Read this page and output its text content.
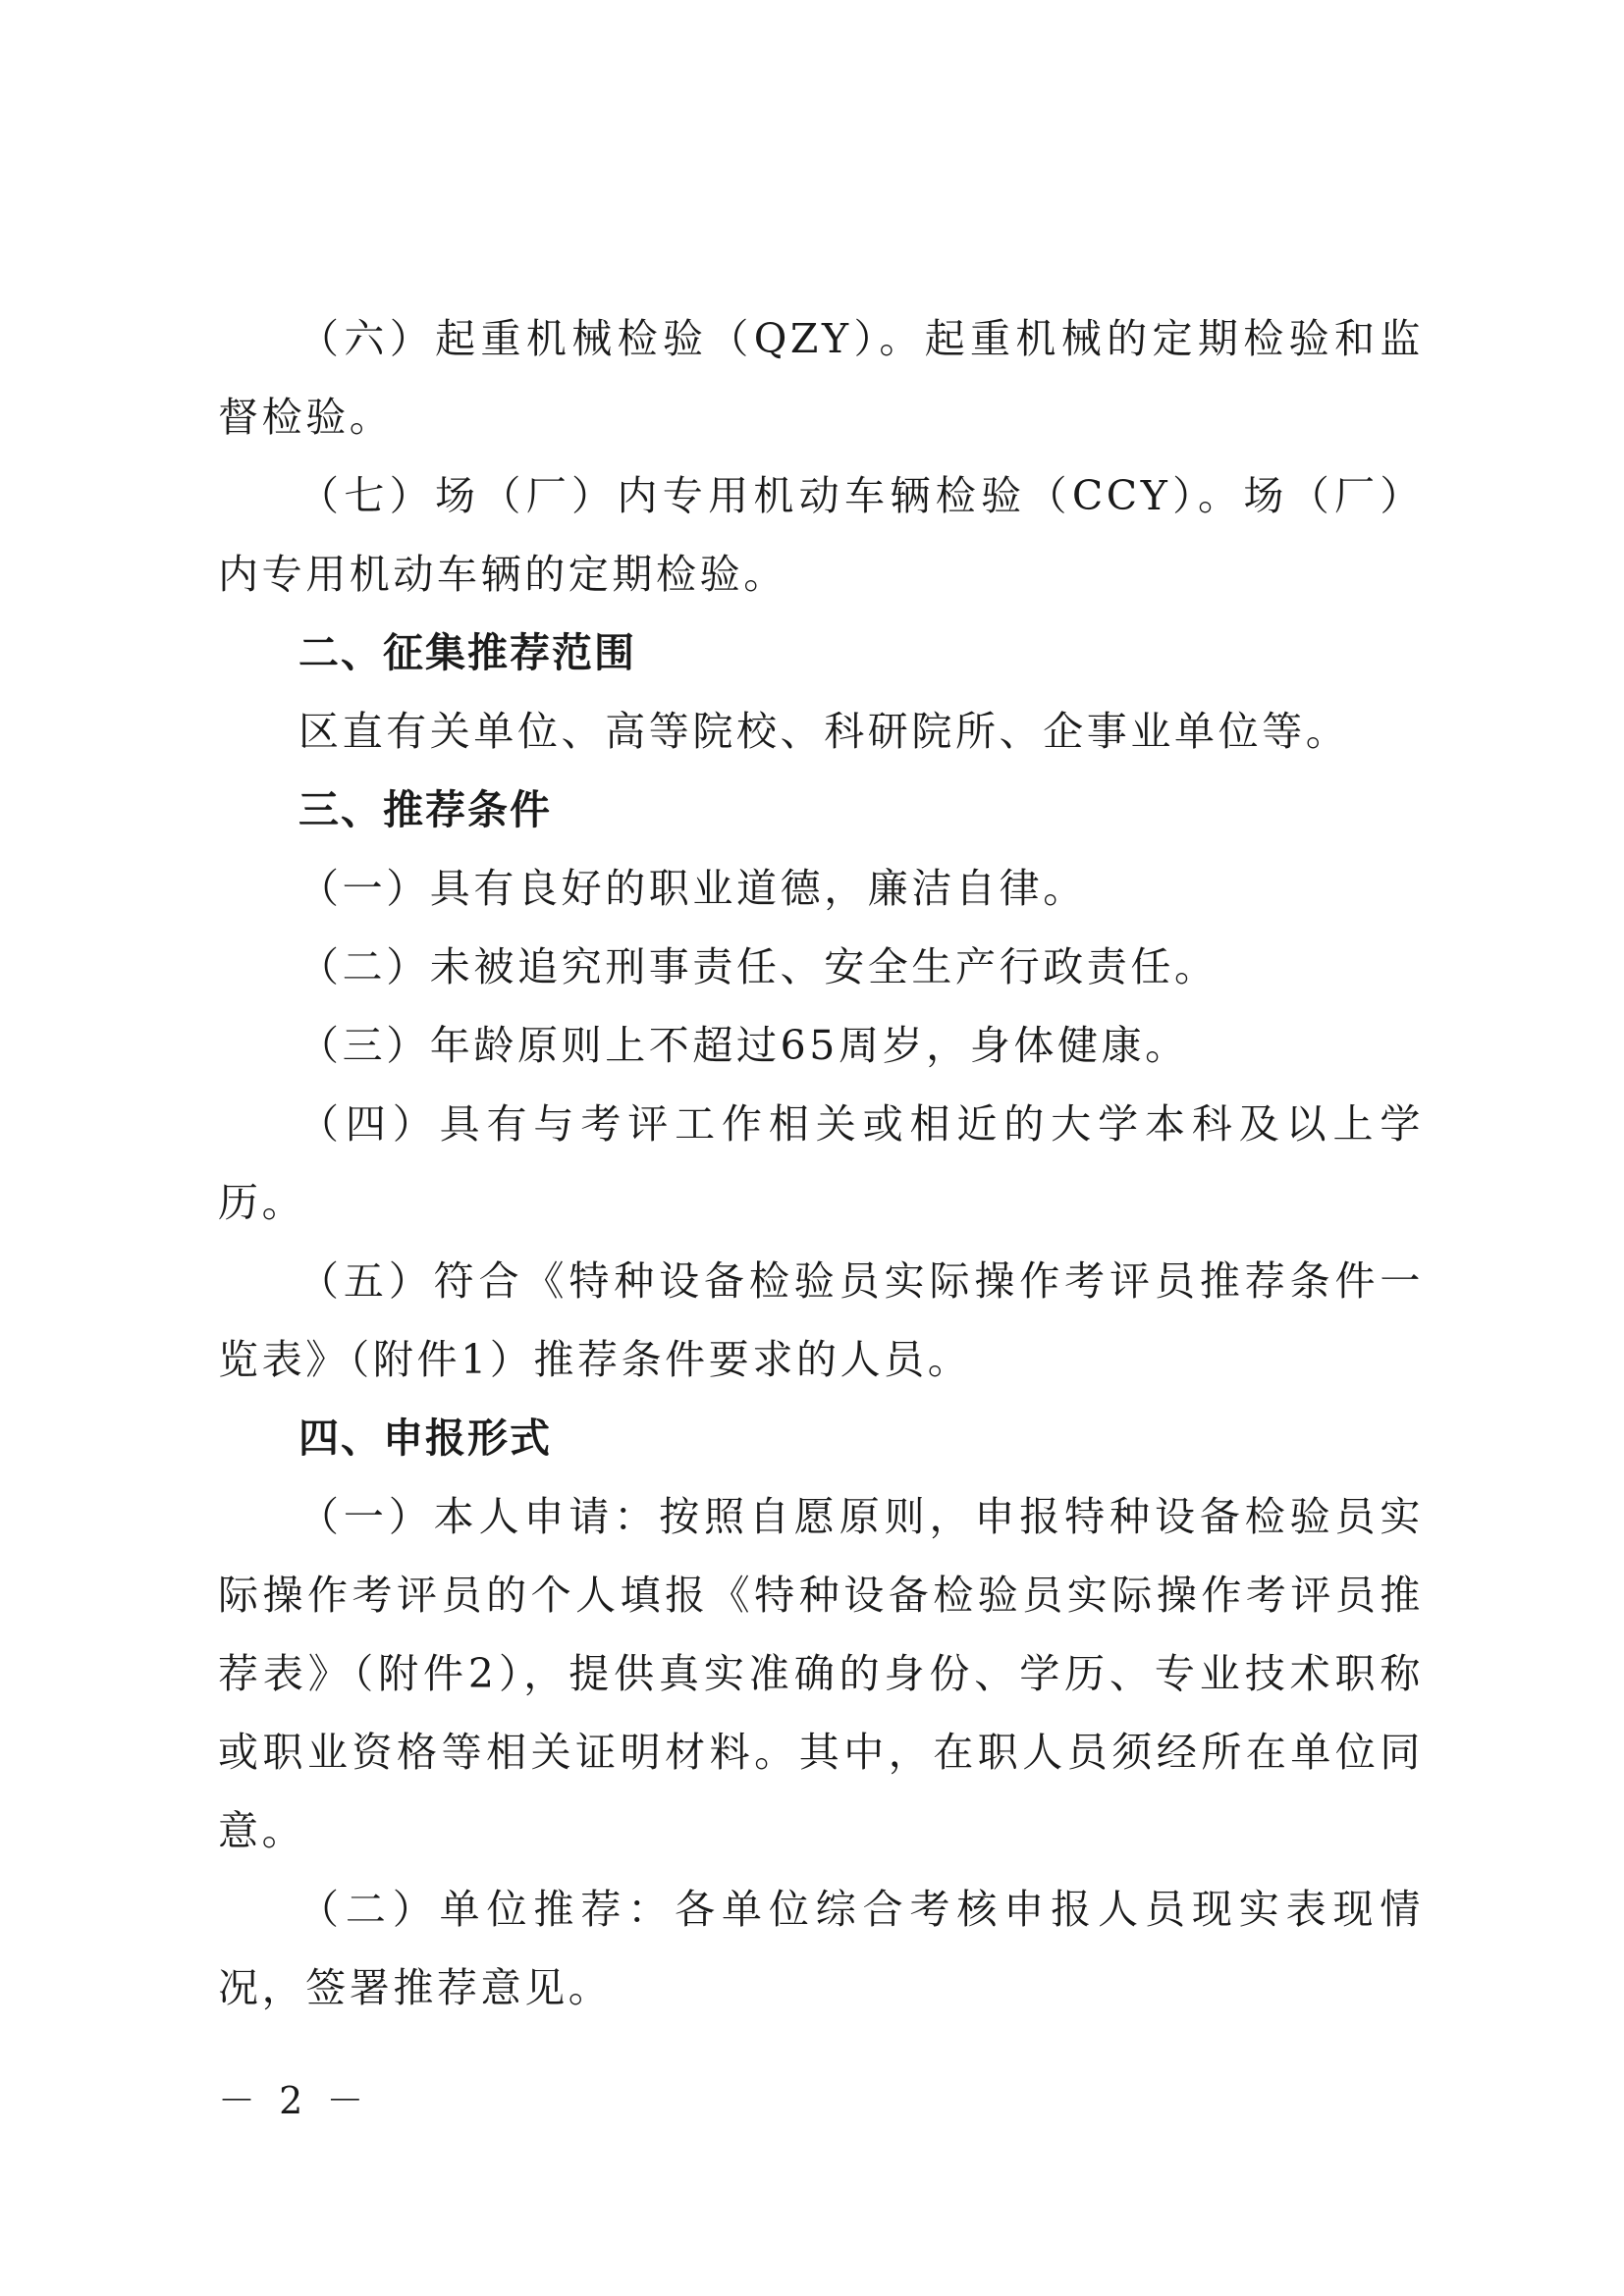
（六）起重机械检验（QZY）。起重机械的定期检验和监督检验。

（七）场（厂）内专用机动车辆检验（CCY）。场（厂）内专用机动车辆的定期检验。

二、征集推荐范围

区直有关单位、高等院校、科研院所、企事业单位等。

三、推荐条件

（一）具有良好的职业道德，廉洁自律。

（二）未被追究刑事责任、安全生产行政责任。

（三）年龄原则上不超过65周岁，身体健康。

（四）具有与考评工作相关或相近的大学本科及以上学历。

（五）符合《特种设备检验员实际操作考评员推荐条件一览表》（附件1）推荐条件要求的人员。

四、申报形式

（一）本人申请：按照自愿原则，申报特种设备检验员实际操作考评员的个人填报《特种设备检验员实际操作考评员推荐表》（附件2），提供真实准确的身份、学历、专业技术职称或职业资格等相关证明材料。其中，在职人员须经所在单位同意。

（二）单位推荐：各单位综合考核申报人员现实表现情况，签署推荐意见。

－ 2 －
